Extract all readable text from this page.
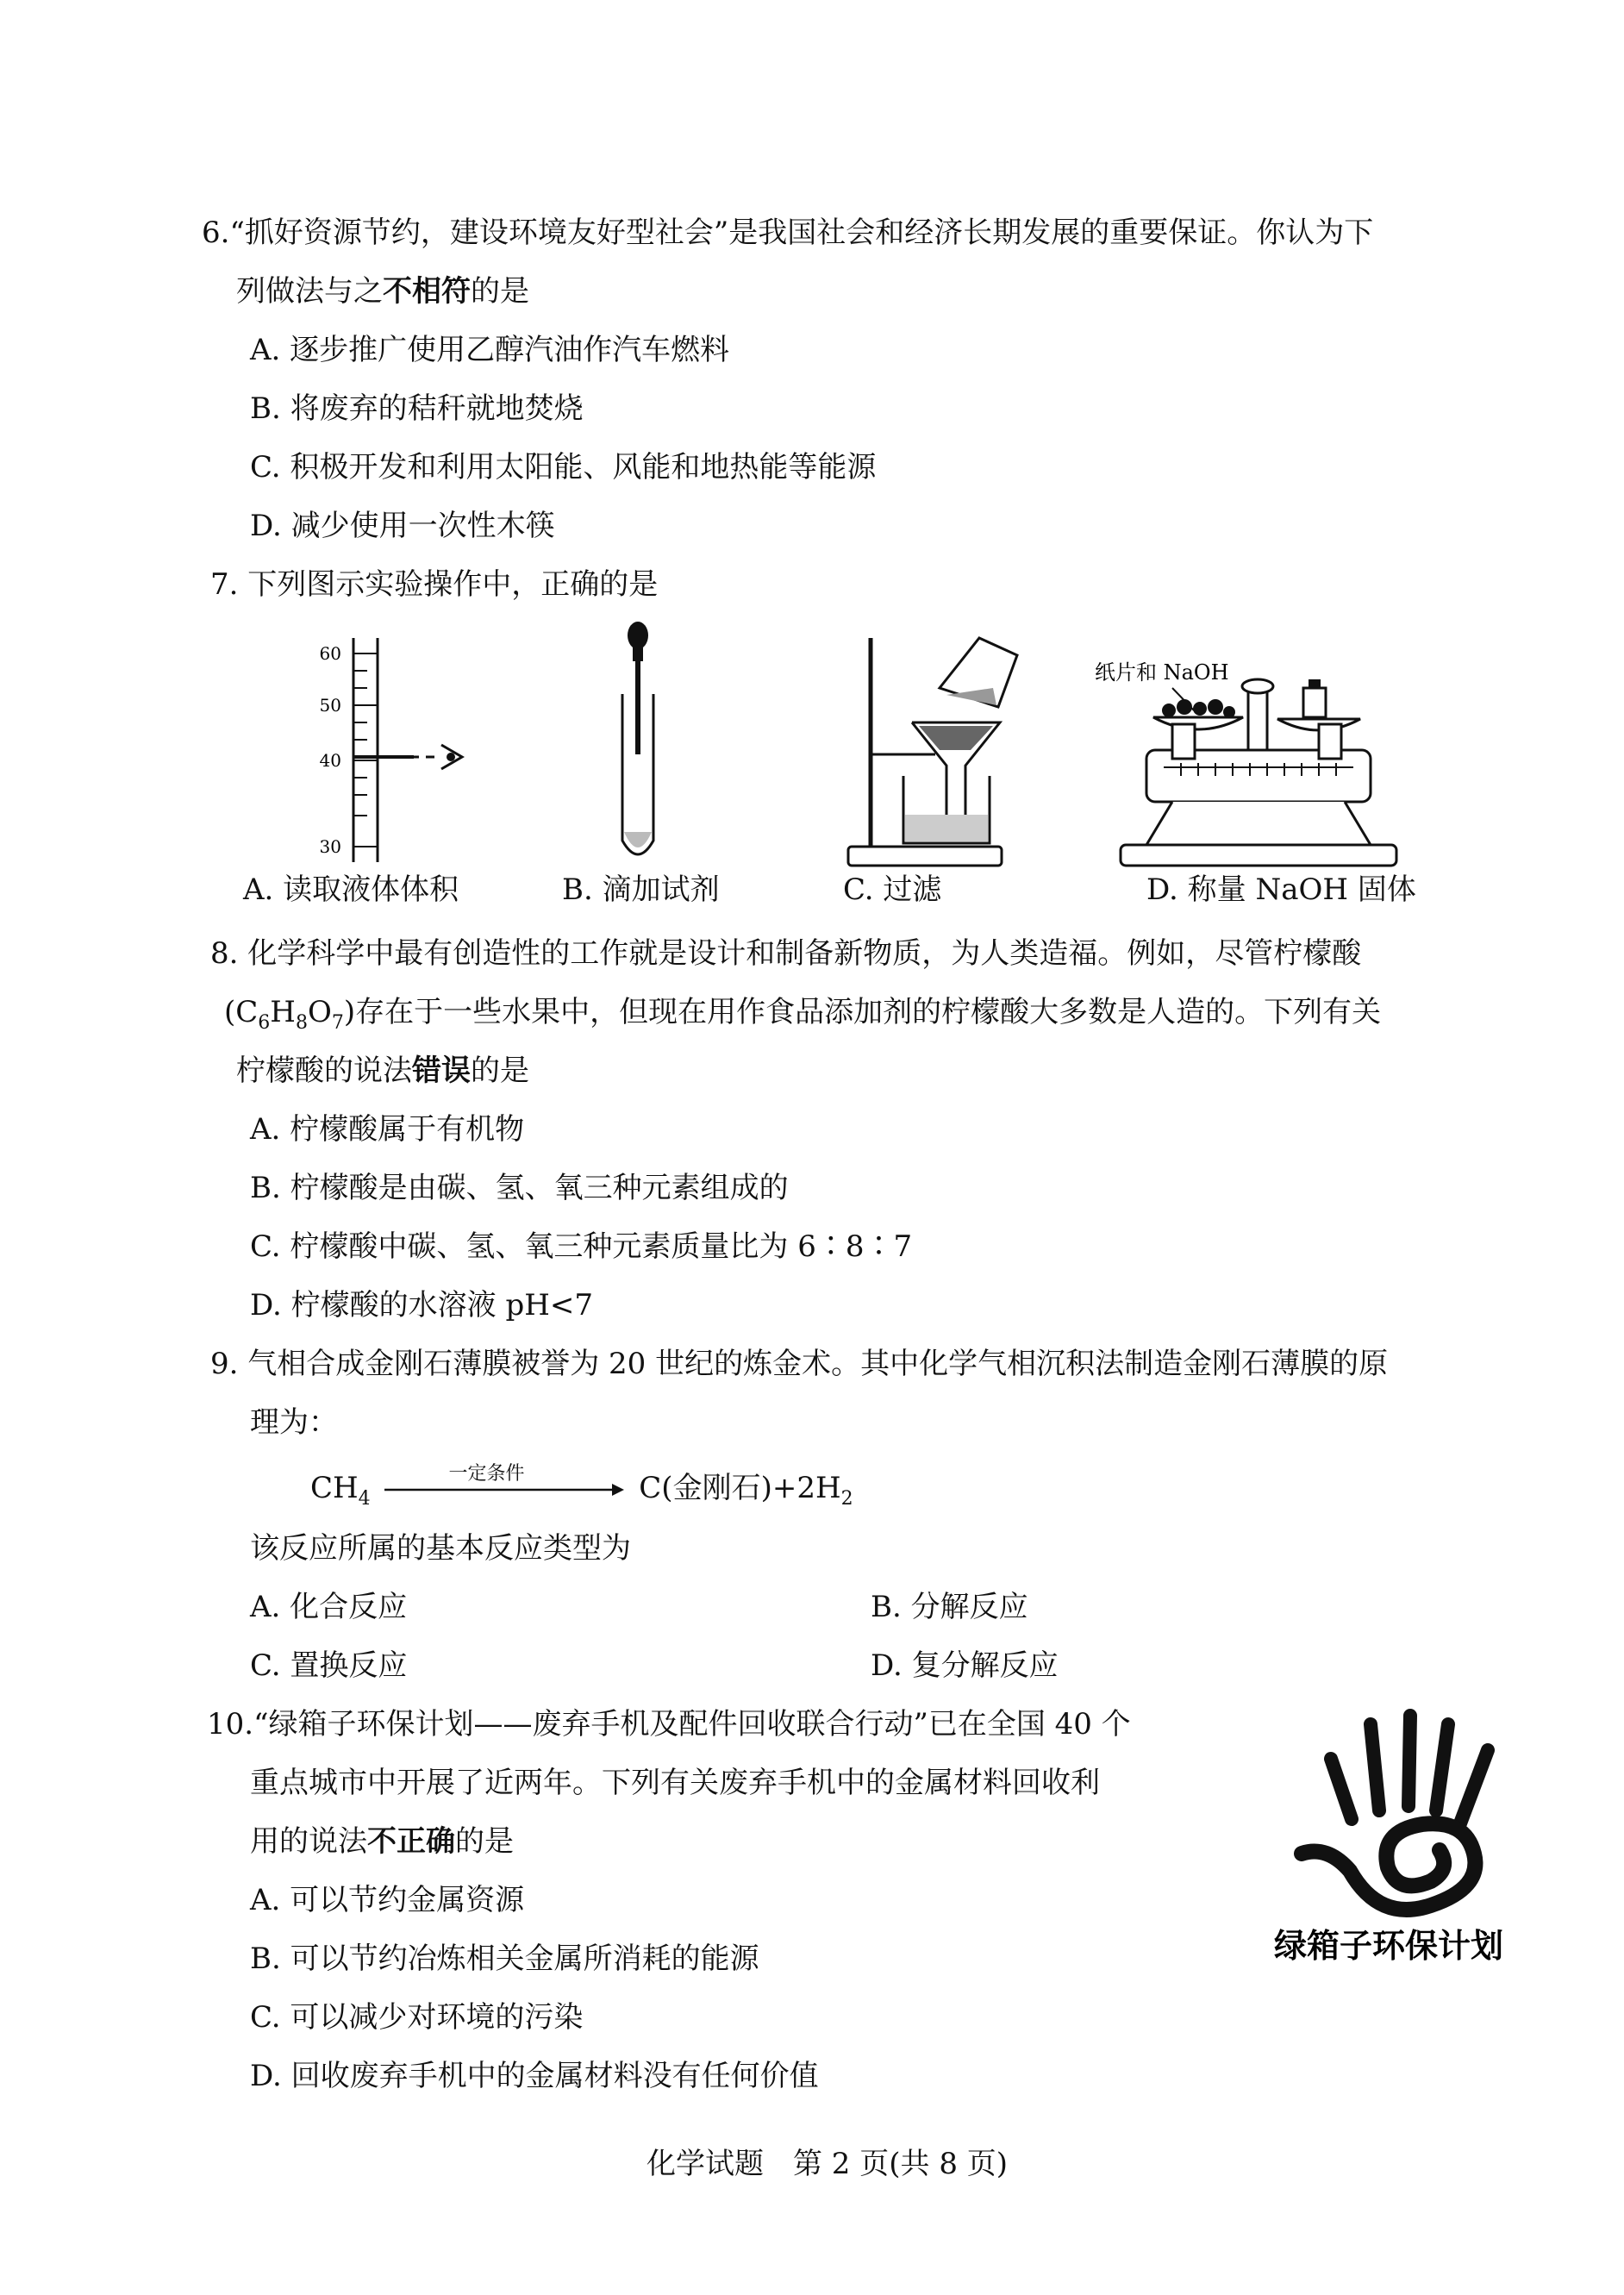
6.“抓好资源节约，建设环境友好型社会”是我国社会和经济长期发展的重要保证。你认为下
列做法与之不相符的是
A. 逐步推广使用乙醇汽油作汽车燃料
B. 将废弃的秸秆就地焚烧
C. 积极开发和利用太阳能、风能和地热能等能源
D. 减少使用一次性木筷
7. 下列图示实验操作中，正确的是
60
50
40
30
纸片和 NaOH
A. 读取液体体积	B. 滴加试剂	C. 过滤	D. 称量 NaOH 固体
8. 化学科学中最有创造性的工作就是设计和制备新物质，为人类造福。例如，尽管柠檬酸
$(C_6H_8O_7)$存在于一些水果中，但现在用作食品添加剂的柠檬酸大多数是人造的。下列有关
柠檬酸的说法错误的是
A. 柠檬酸属于有机物
B. 柠檬酸是由碳、氢、氧三种元素组成的
C. 柠檬酸中碳、氢、氧三种元素质量比为 6∶8∶7
D. 柠檬酸的水溶液 pH<7
9. 气相合成金刚石薄膜被誉为 20 世纪的炼金术。其中化学气相沉积法制造金刚石薄膜的原
理为：
$CH_4$
一定条件	C(金刚石)$+2H_2$
该反应所属的基本反应类型为
A. 化合反应	B. 分解反应
C. 置换反应	D. 复分解反应
10.“绿箱子环保计划——废弃手机及配件回收联合行动”已在全国 40 个
重点城市中开展了近两年。下列有关废弃手机中的金属材料回收利
用的说法不正确的是
A. 可以节约金属资源
B. 可以节约冶炼相关金属所消耗的能源
C. 可以减少对环境的污染
D. 回收废弃手机中的金属材料没有任何价值
绿箱子环保计划
化学试题　第 2 页(共 8 页)
